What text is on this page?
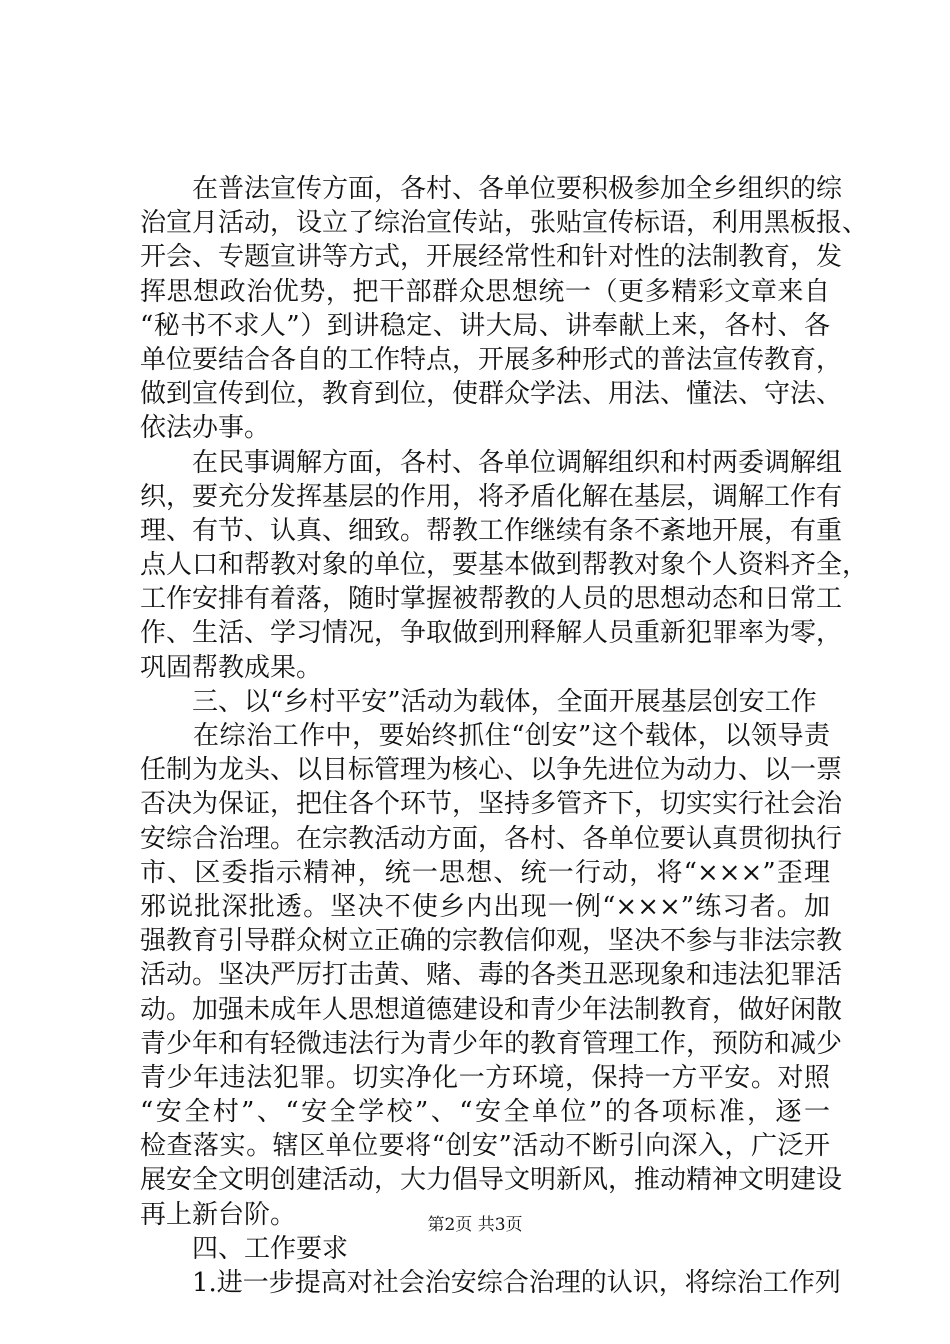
　　在普法宣传方面，各村、各单位要积极参加全乡组织的综
治宣月活动，设立了综治宣传站，张贴宣传标语，利用黑板报、
开会、专题宣讲等方式，开展经常性和针对性的法制教育，发
挥思想政治优势，把干部群众思想统一（更多精彩文章来自
“秘书不求人”）到讲稳定、讲大局、讲奉献上来，各村、各
单位要结合各自的工作特点，开展多种形式的普法宣传教育，
做到宣传到位，教育到位，使群众学法、用法、懂法、守法、
依法办事。
　　在民事调解方面，各村、各单位调解组织和村两委调解组
织，要充分发挥基层的作用，将矛盾化解在基层，调解工作有
理、有节、认真、细致。帮教工作继续有条不紊地开展，有重
点人口和帮教对象的单位，要基本做到帮教对象个人资料齐全，
工作安排有着落，随时掌握被帮教的人员的思想动态和日常工
作、生活、学习情况，争取做到刑释解人员重新犯罪率为零，
巩固帮教成果。
　　三、以“乡村平安”活动为载体，全面开展基层创安工作
　　在综治工作中，要始终抓住“创安”这个载体，以领导责
任制为龙头、以目标管理为核心、以争先进位为动力、以一票
否决为保证，把住各个环节，坚持多管齐下，切实实行社会治
安综合治理。在宗教活动方面，各村、各单位要认真贯彻执行
市、区委指示精神，统一思想、统一行动，将“×××”歪理
邪说批深批透。坚决不使乡内出现一例“×××”练习者。加
强教育引导群众树立正确的宗教信仰观，坚决不参与非法宗教
活动。坚决严厉打击黄、赌、毒的各类丑恶现象和违法犯罪活
动。加强未成年人思想道德建设和青少年法制教育，做好闲散
青少年和有轻微违法行为青少年的教育管理工作，预防和减少
青少年违法犯罪。切实净化一方环境，保持一方平安。对照
“安全村”、“安全学校”、“安全单位”的各项标准，逐一
检查落实。辖区单位要将“创安”活动不断引向深入，广泛开
展安全文明创建活动，大力倡导文明新风，推动精神文明建设
再上新台阶。
　　四、工作要求
　　1.进一步提高对社会治安综合治理的认识，将综治工作列
第2页 共3页
